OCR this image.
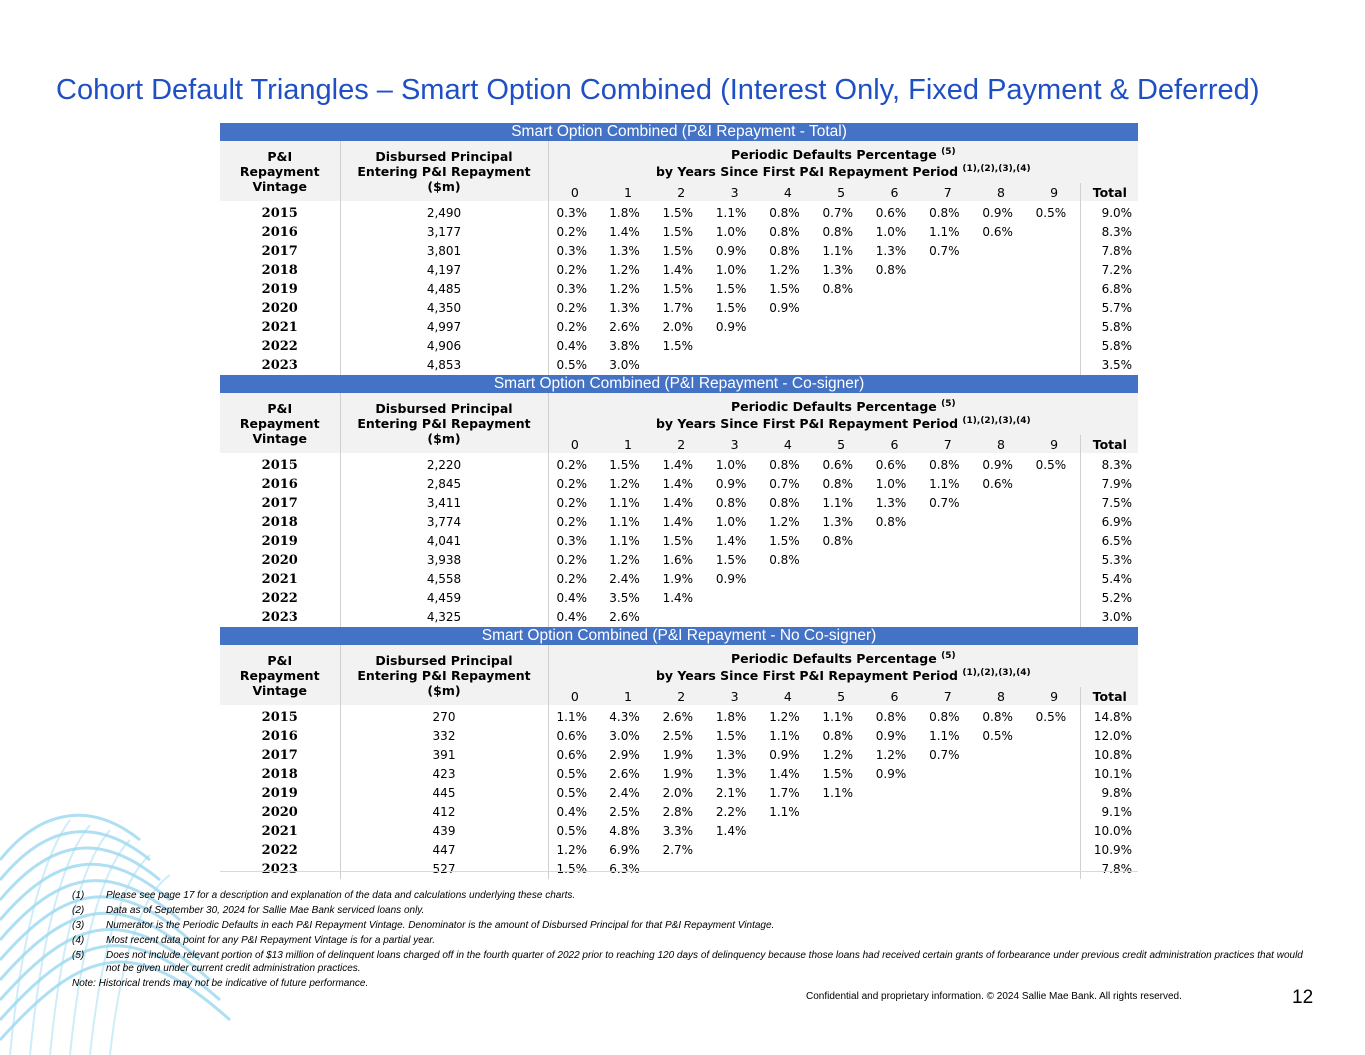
Cohort Default Triangles – Smart Option Combined (Interest Only, Fixed Payment & Deferred)
Smart Option Combined (P&I Repayment - Total)												
P&I
Repayment
Vintage	Disbursed Principal
Entering P&I Repayment
($m)	Periodic Defaults Percentage $^{(5)}$
		by Years Since First P&I Repayment Period $^{(1),(2),(3),(4)}$
		0	1	2	3	4	5	6	7	8	9	Total
2015	2,490	0.3%	1.8%	1.5%	1.1%	0.8%	0.7%	0.6%	0.8%	0.9%	0.5%	9.0%
2016	3,177	0.2%	1.4%	1.5%	1.0%	0.8%	0.8%	1.0%	1.1%	0.6%		8.3%
2017	3,801	0.3%	1.3%	1.5%	0.9%	0.8%	1.1%	1.3%	0.7%			7.8%
2018	4,197	0.2%	1.2%	1.4%	1.0%	1.2%	1.3%	0.8%				7.2%
2019	4,485	0.3%	1.2%	1.5%	1.5%	1.5%	0.8%					6.8%
2020	4,350	0.2%	1.3%	1.7%	1.5%	0.9%						5.7%
2021	4,997	0.2%	2.6%	2.0%	0.9%							5.8%
2022	4,906	0.4%	3.8%	1.5%								5.8%
2023	4,853	0.5%	3.0%									3.5%
Smart Option Combined (P&I Repayment - Co-signer)												
P&I
Repayment
Vintage	Disbursed Principal
Entering P&I Repayment
($m)	Periodic Defaults Percentage $^{(5)}$
		by Years Since First P&I Repayment Period $^{(1),(2),(3),(4)}$
		0	1	2	3	4	5	6	7	8	9	Total
2015	2,220	0.2%	1.5%	1.4%	1.0%	0.8%	0.6%	0.6%	0.8%	0.9%	0.5%	8.3%
2016	2,845	0.2%	1.2%	1.4%	0.9%	0.7%	0.8%	1.0%	1.1%	0.6%		7.9%
2017	3,411	0.2%	1.1%	1.4%	0.8%	0.8%	1.1%	1.3%	0.7%			7.5%
2018	3,774	0.2%	1.1%	1.4%	1.0%	1.2%	1.3%	0.8%				6.9%
2019	4,041	0.3%	1.1%	1.5%	1.4%	1.5%	0.8%					6.5%
2020	3,938	0.2%	1.2%	1.6%	1.5%	0.8%						5.3%
2021	4,558	0.2%	2.4%	1.9%	0.9%							5.4%
2022	4,459	0.4%	3.5%	1.4%								5.2%
2023	4,325	0.4%	2.6%									3.0%
Smart Option Combined (P&I Repayment - No Co-signer)												
P&I
Repayment
Vintage	Disbursed Principal
Entering P&I Repayment
($m)	Periodic Defaults Percentage $^{(5)}$
		by Years Since First P&I Repayment Period $^{(1),(2),(3),(4)}$
		0	1	2	3	4	5	6	7	8	9	Total
2015	270	1.1%	4.3%	2.6%	1.8%	1.2%	1.1%	0.8%	0.8%	0.8%	0.5%	14.8%
2016	332	0.6%	3.0%	2.5%	1.5%	1.1%	0.8%	0.9%	1.1%	0.5%		12.0%
2017	391	0.6%	2.9%	1.9%	1.3%	0.9%	1.2%	1.2%	0.7%			10.8%
2018	423	0.5%	2.6%	1.9%	1.3%	1.4%	1.5%	0.9%				10.1%
2019	445	0.5%	2.4%	2.0%	2.1%	1.7%	1.1%					9.8%
2020	412	0.4%	2.5%	2.8%	2.2%	1.1%						9.1%
2021	439	0.5%	4.8%	3.3%	1.4%							10.0%
2022	447	1.2%	6.9%	2.7%								10.9%
2023	527	1.5%	6.3%									7.8%
(1)	Please see page 17 for a description and explanation of the data and calculations underlying these charts.
(2)	Data as of September 30, 2024 for Sallie Mae Bank serviced loans only.
(3)	Numerator is the Periodic Defaults in each P&I Repayment Vintage. Denominator is the amount of Disbursed Principal for that P&I Repayment Vintage.
(4)	Most recent data point for any P&I Repayment Vintage is for a partial year.
(5)	Does not include relevant portion of $13 million of delinquent loans charged off in the fourth quarter of 2022 prior to reaching 120 days of delinquency because those loans had received certain grants of forbearance under previous credit administration practices that would not be given under current credit administration practices.
Note: Historical trends may not be indicative of future performance.
Confidential and proprietary information. © 2024 Sallie Mae Bank. All rights reserved.	12
